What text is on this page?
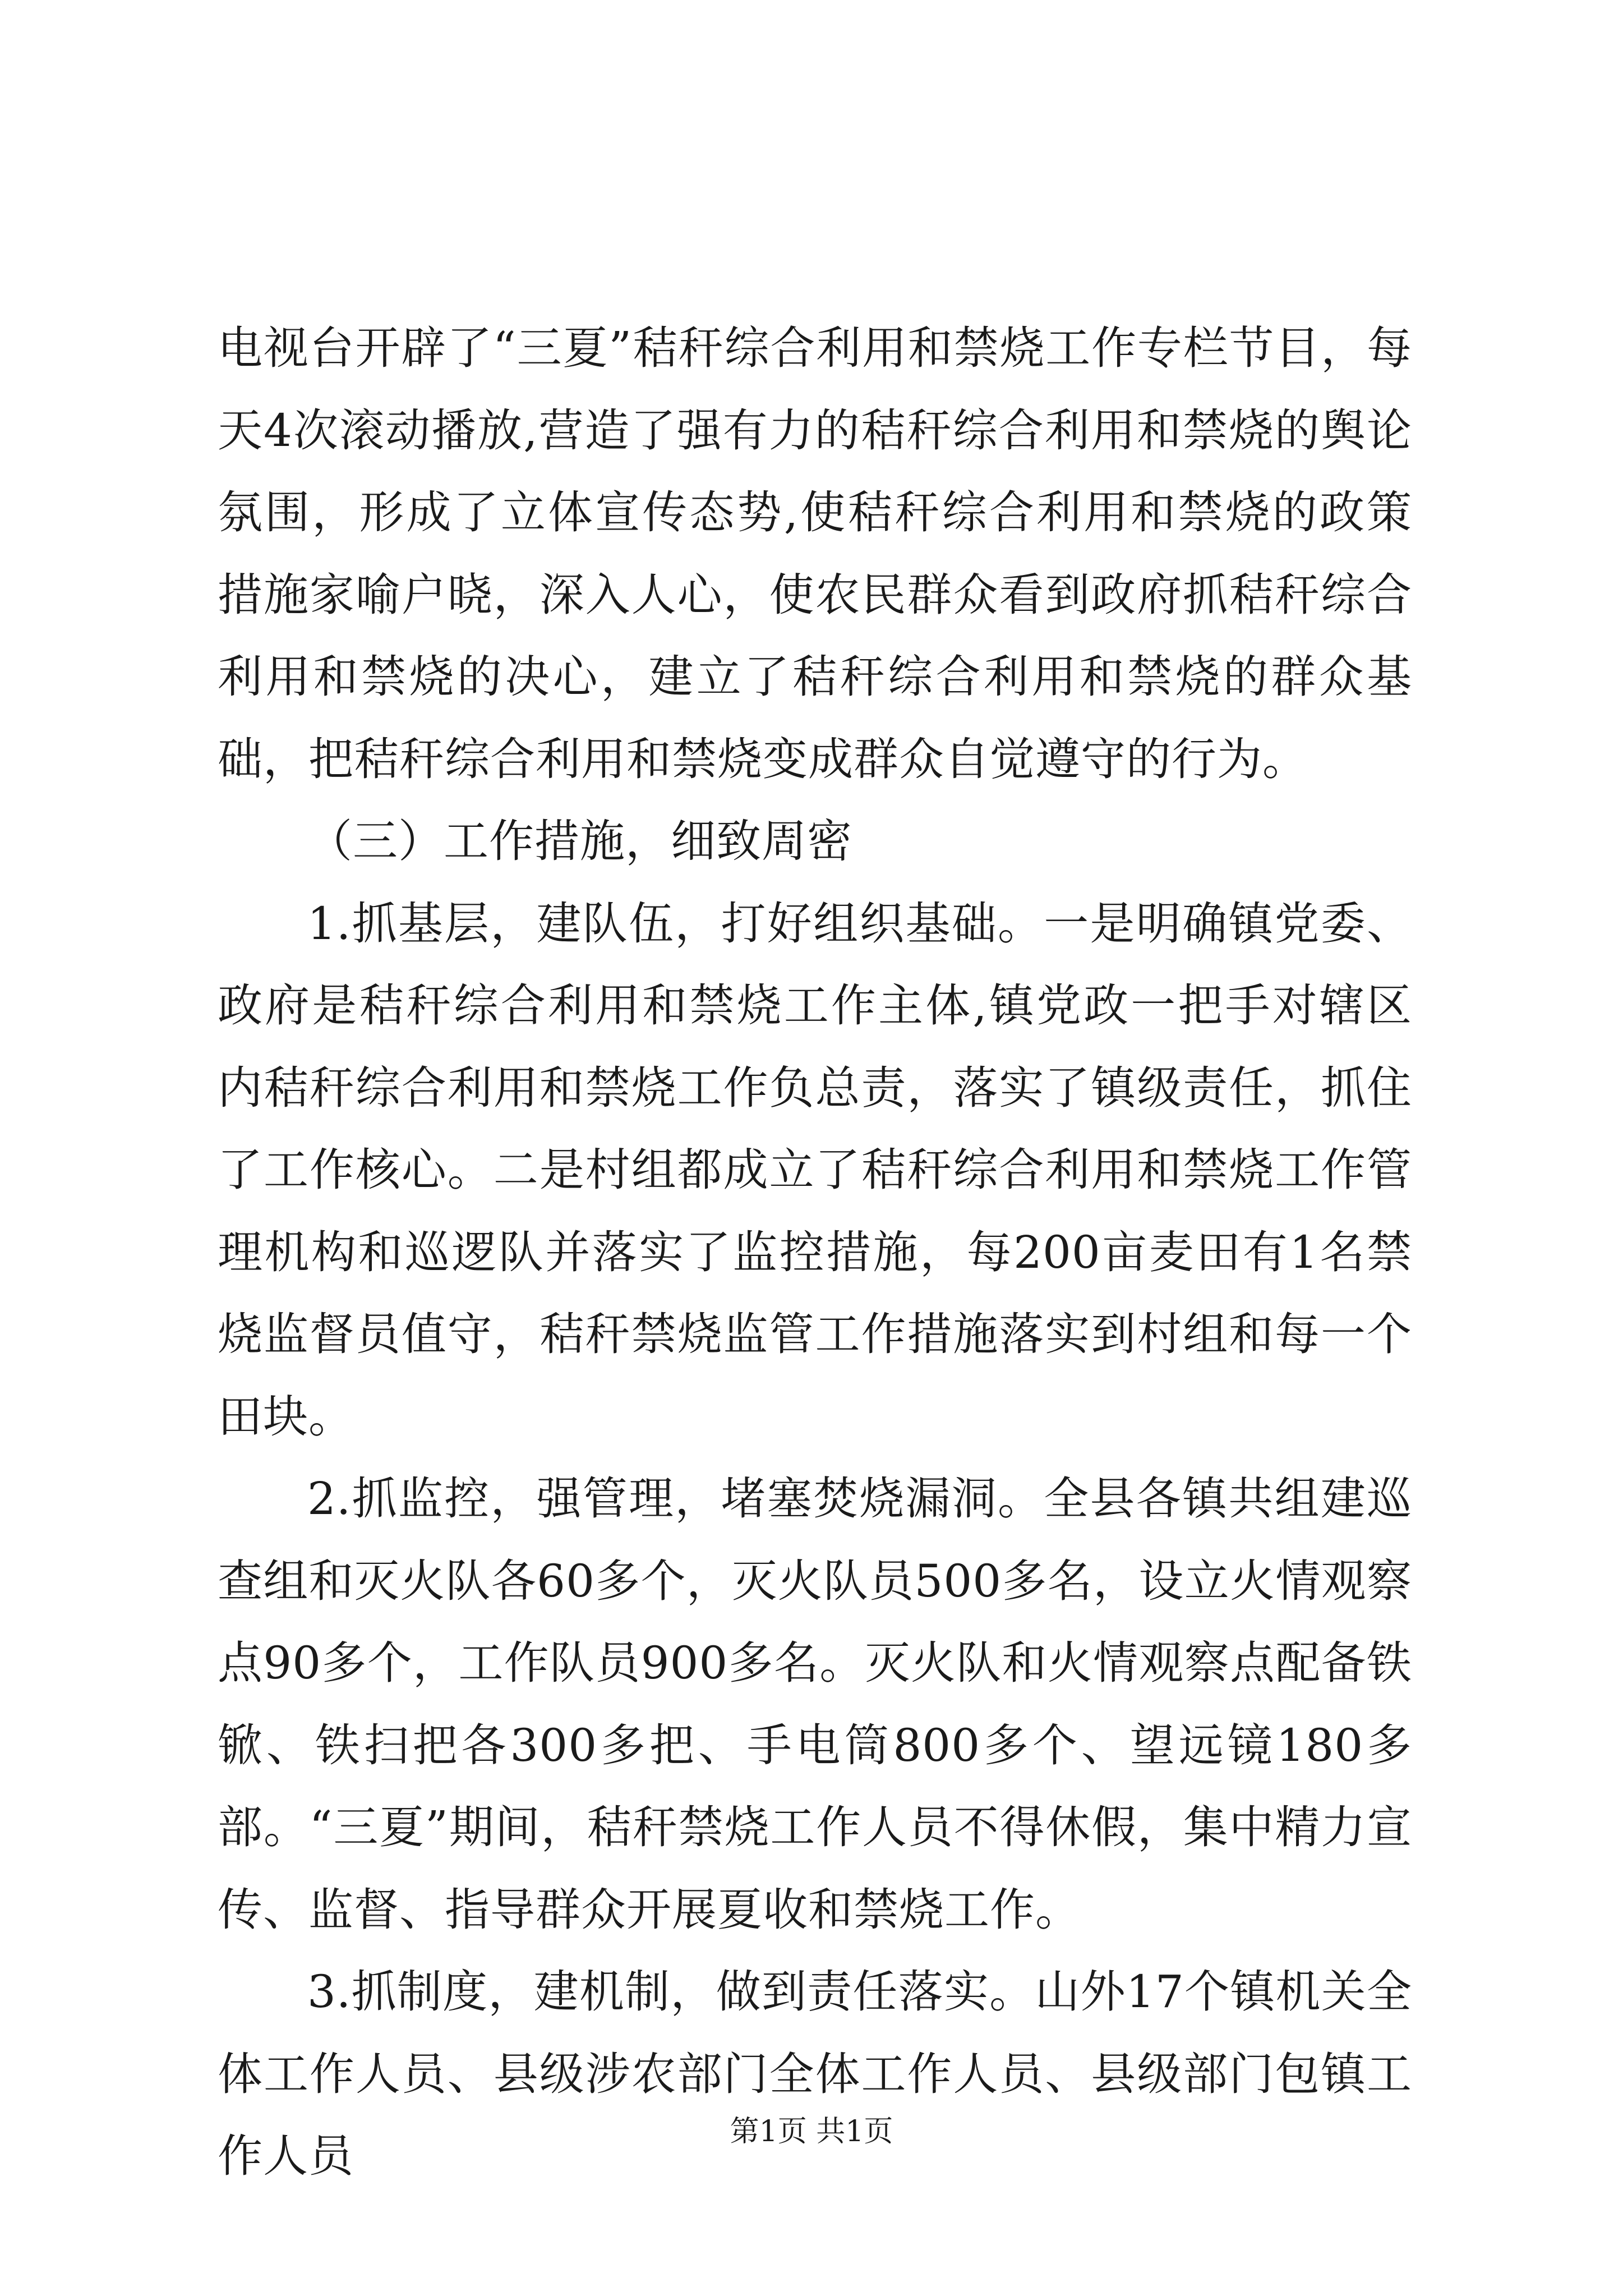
电视台开辟了“三夏”秸秆综合利用和禁烧工作专栏节目，每天4次滚动播放,营造了强有力的秸秆综合利用和禁烧的舆论氛围，形成了立体宣传态势,使秸秆综合利用和禁烧的政策措施家喻户晓，深入人心，使农民群众看到政府抓秸秆综合利用和禁烧的决心，建立了秸秆综合利用和禁烧的群众基础，把秸秆综合利用和禁烧变成群众自觉遵守的行为。

（三）工作措施，细致周密

1.抓基层，建队伍，打好组织基础。一是明确镇党委、政府是秸秆综合利用和禁烧工作主体,镇党政一把手对辖区内秸秆综合利用和禁烧工作负总责，落实了镇级责任，抓住了工作核心。二是村组都成立了秸秆综合利用和禁烧工作管理机构和巡逻队并落实了监控措施，每200亩麦田有1名禁烧监督员值守，秸秆禁烧监管工作措施落实到村组和每一个田块。

2.抓监控，强管理，堵塞焚烧漏洞。全县各镇共组建巡查组和灭火队各60多个，灭火队员500多名，设立火情观察点90多个，工作队员900多名。灭火队和火情观察点配备铁锨、铁扫把各300多把、手电筒800多个、望远镜180多部。“三夏”期间，秸秆禁烧工作人员不得休假，集中精力宣传、监督、指导群众开展夏收和禁烧工作。

3.抓制度，建机制，做到责任落实。山外17个镇机关全体工作人员、县级涉农部门全体工作人员、县级部门包镇工作人员	第1页 共1页
